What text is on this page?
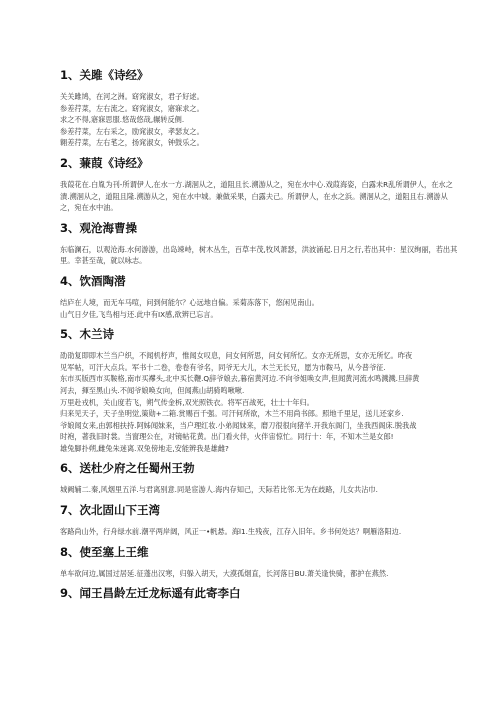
1、关雎《诗经》

关关雎鸠，在河之洲。窈窕淑女，君子好逑。

参差荇菜，左右流之。窈窕淑女，寤寐求之。

求之不得,寤寐思服.悠哉悠哉,辗转反侧.

参差荇菜，左右采之，励窕淑女，孝瑟友之。

翱差荇菜，左右芼之，扬窕淑女，钟鼓乐之。

2、蒹葭《诗经》

我葭花在.白胤为刊-所谓伊人,在水一方.湖洄从之，道阻且长.溯游从之，宛在水中心.戏葭海姿，白露未R乱所谓伊人，在水之潰.溯洄从之，道阻且隆.溯游从之，宛在水中城。兼做采果，白露夫己。所谓伊人，在水之浜。溯洄从之，道阻且右.溯游从之，宛在水中油。

3、观沧海曹操

东临澜石，以观沧海.水何游游，出岛竦峙，树木丛生，百草丰茂,牧风萧瑟，洪波涌起.日月之行,若出其中：星汉绚丽，若出其里。幸甚至哉，就以咏志。

4、饮酒陶潜

结庐在人境，而无车马喧，问到何能尔？心远地自偏。采菊冻落下，悠闲见南山。

山气日夕佳,飞鸟相与还.此中有IX感,欲辨已忘言。

5、木兰诗

劭劭复即即木兰当户织，不闻机杼声，惟闻女叹息，问女何所思，问女何所忆。女亦无所思，女亦无所忆。昨夜

见军帖，可汗大点兵。军书十二卷，卷卷有爷名，同爷无大儿，木兰无长兄，愿为市鞍马，从今普爷征.

东市买版西市买鞍格,南市买襻头,北中买长鞭.Q辞爷娘去,暮宿黄河边.不向爷姐唤女声,但闻黄河流水鸣溅溅.旦辞黄

河去，揮至黑山头.不闻爷娘唤女向，但闻燕山胡骑鸣啾啾.

万里赴戎机，关山度若飞，朔气传金柝,双光照铁衣。将军百战死，壮士十年归。

归来见天子，天子坐明觉,策勋+二箱.赏赐百千强。可汗何所欲，木兰不用尚书郎。照地千里足，送儿还家乡.

爷娘闻女来,由郭相扶持.阿姊闻妹来，当户理红妆.小弟闻妹来，磨刀很很向猪羊.开我东阁门，坐我西阁床.脱我战

时袍，著我旧时裳。当窗理公在，对镜帖花黄。出门看火伴，火伴宙惊忙。同行十：年，不知木兰是女郎!

雄兔脚扑朔,雌兔朱迷离.双兔傍地走,安能辨我是雄雌?

6、送杜少府之任蜀州王勃

城阙辅二.秦,风烟里五洋.与君离别意.同是宦游人.海内存知己，天际若比邻.无为在歧路，儿女共沾巾.

7、次北固山下王湾

客路尚山外，行舟绿水前.潮平两岸阔，风正一•帆悬。海l1.生残夜，江存入旧年。乡书何处达？啊雁洛阳边.

8、使至塞上王维

单车欲问边,属国过居延.征蓬出汉寒，归躲入胡天，大漠孤烟直，长河落日BU.萧关逢快骑，都护在燕然.

9、闻王昌龄左迁龙标遥有此寄李白
